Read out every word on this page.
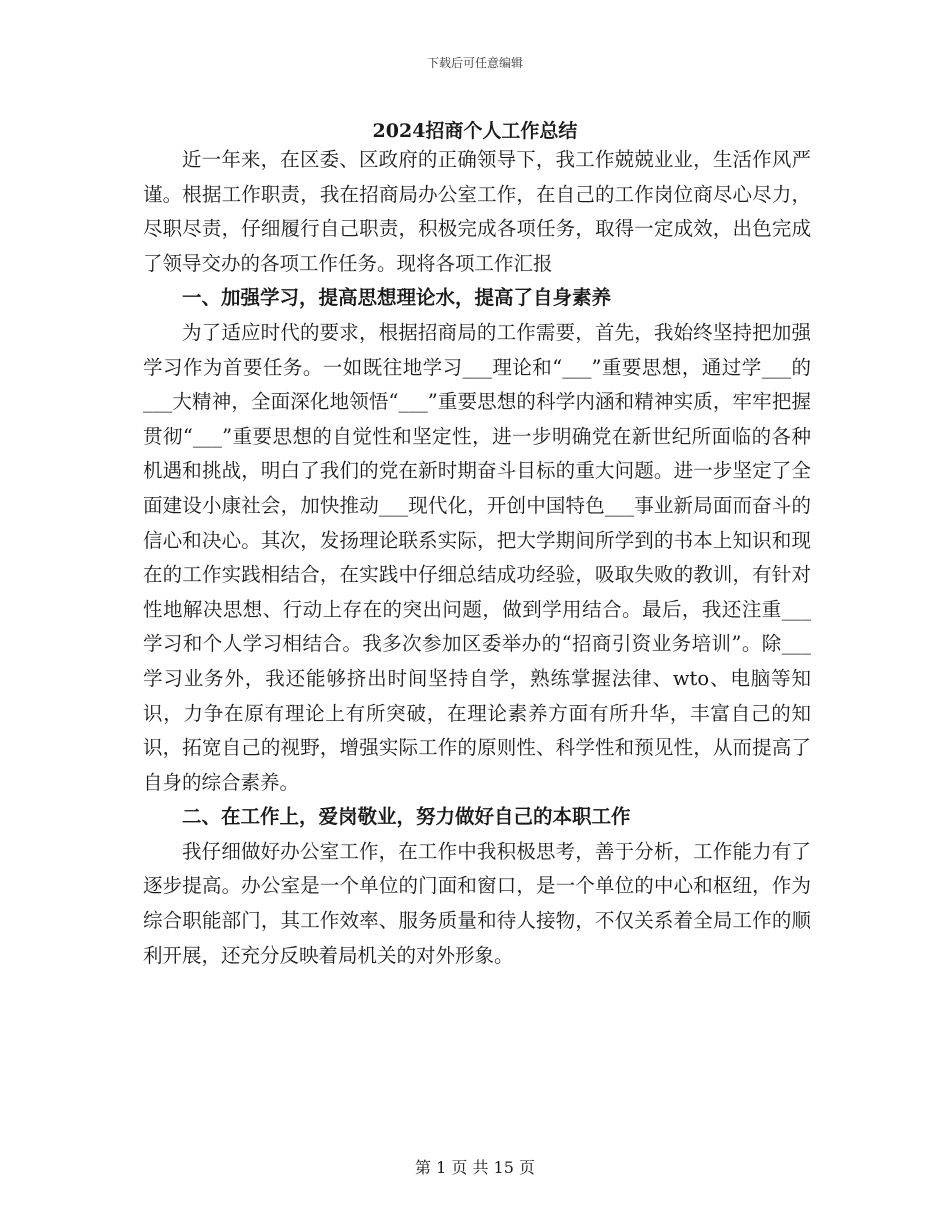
下载后可任意编辑
2024招商个人工作总结

近一年来，在区委、区政府的正确领导下，我工作兢兢业业，生活作风严谨。根据工作职责，我在招商局办公室工作，在自己的工作岗位商尽心尽力，尽职尽责，仔细履行自己职责，积极完成各项任务，取得一定成效，出色完成了领导交办的各项工作任务。现将各项工作汇报

一、加强学习，提高思想理论水，提高了自身素养

为了适应时代的要求，根据招商局的工作需要，首先，我始终坚持把加强学习作为首要任务。一如既往地学习___理论和“___”重要思想，通过学___的___大精神，全面深化地领悟“___”重要思想的科学内涵和精神实质，牢牢把握贯彻“___”重要思想的自觉性和坚定性，进一步明确党在新世纪所面临的各种机遇和挑战，明白了我们的党在新时期奋斗目标的重大问题。进一步坚定了全面建设小康社会，加快推动___现代化，开创中国特色___事业新局面而奋斗的信心和决心。其次，发扬理论联系实际，把大学期间所学到的书本上知识和现在的工作实践相结合，在实践中仔细总结成功经验，吸取失败的教训，有针对性地解决思想、行动上存在的突出问题，做到学用结合。最后，我还注重___学习和个人学习相结合。我多次参加区委举办的“招商引资业务培训”。除___学习业务外，我还能够挤出时间坚持自学，熟练掌握法律、wto、电脑等知识，力争在原有理论上有所突破，在理论素养方面有所升华，丰富自己的知识，拓宽自己的视野，增强实际工作的原则性、科学性和预见性，从而提高了自身的综合素养。

二、在工作上，爱岗敬业，努力做好自己的本职工作

我仔细做好办公室工作，在工作中我积极思考，善于分析，工作能力有了逐步提高。办公室是一个单位的门面和窗口，是一个单位的中心和枢纽，作为综合职能部门，其工作效率、服务质量和待人接物，不仅关系着全局工作的顺利开展，还充分反映着局机关的对外形象。

第 1 页 共 15 页
